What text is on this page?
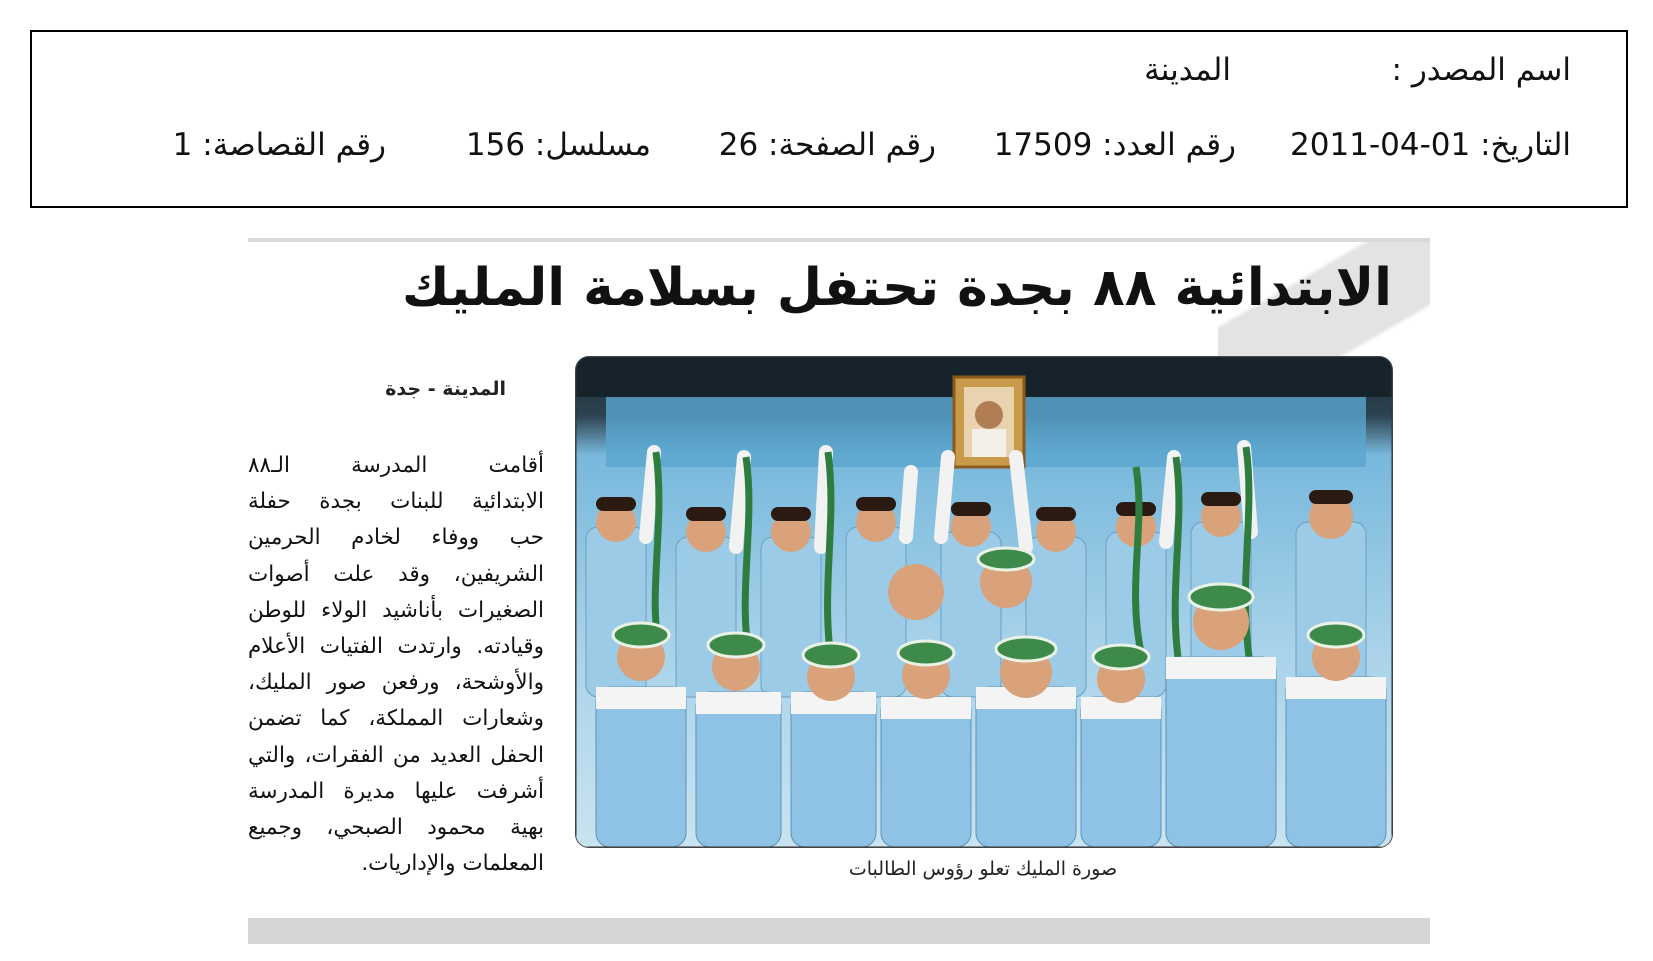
اسم المصدر :
المدينة
التاريخ: 01-04-2011
رقم العدد: 17509
رقم الصفحة: 26
مسلسل: 156
رقم القصاصة: 1
الابتدائية ٨٨ بجدة تحتفل بسلامة المليك
صورة المليك تعلو رؤوس الطالبات
المدينة - جدة
أقامت المدرسة الـ٨٨
الابتدائية للبنات بجدة حفلة
حب ووفاء لخادم الحرمين
الشريفين، وقد علت أصوات
الصغيرات بأناشيد الولاء للوطن
وقيادته. وارتدت الفتيات الأعلام
والأوشحة، ورفعن صور المليك،
وشعارات المملكة، كما تضمن
الحفل العديد من الفقرات، والتي
أشرفت عليها مديرة المدرسة
بهية محمود الصبحي، وجميع
المعلمات والإداريات.
